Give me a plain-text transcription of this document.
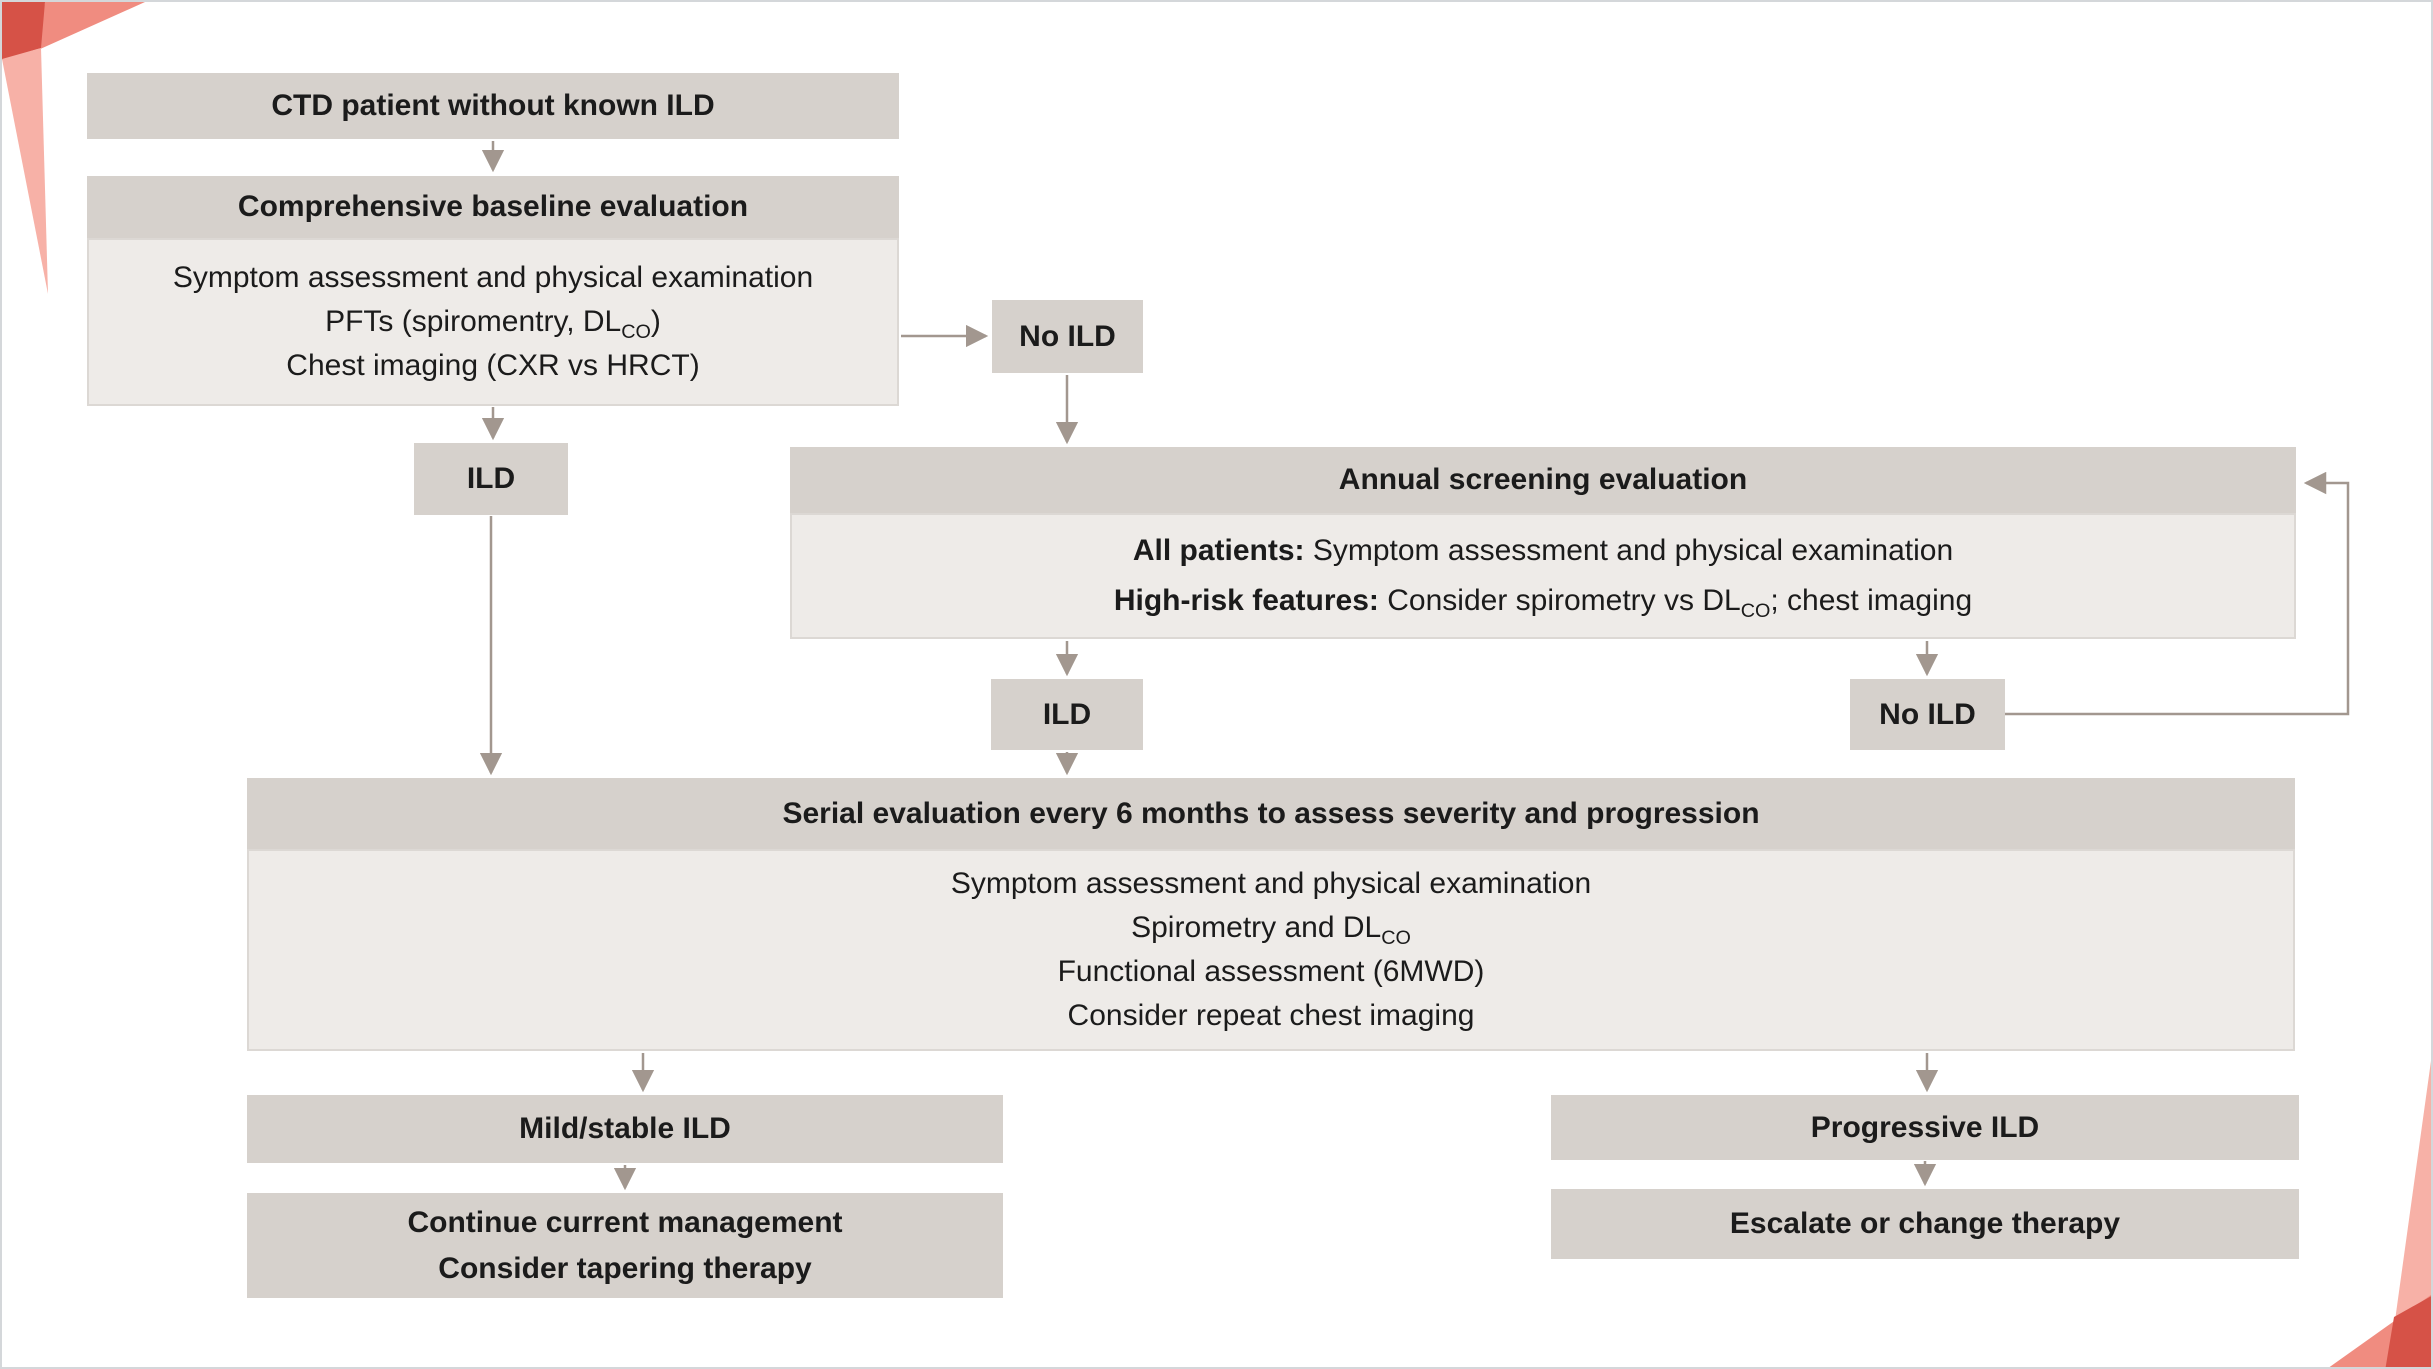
CTD patient without known ILD
Comprehensive baseline evaluation
Symptom assessment and physical examination
PFTs (spiromentry, $DL_{CO}$)
Chest imaging (CXR vs HRCT)
No ILD
ILD	Annual screening evaluation
All patients: Symptom assessment and physical examination
High-risk features: Consider spirometry vs $DL_{CO}$; chest imaging
ILD	No ILD
Serial evaluation every 6 months to assess severity and progression
Symptom assessment and physical examination
Spirometry and $DL_{CO}$
Functional assessment (6MWD)
Consider repeat chest imaging
Mild/stable ILD
Continue current management
Consider tapering therapy
Progressive ILD
Escalate or change therapy
